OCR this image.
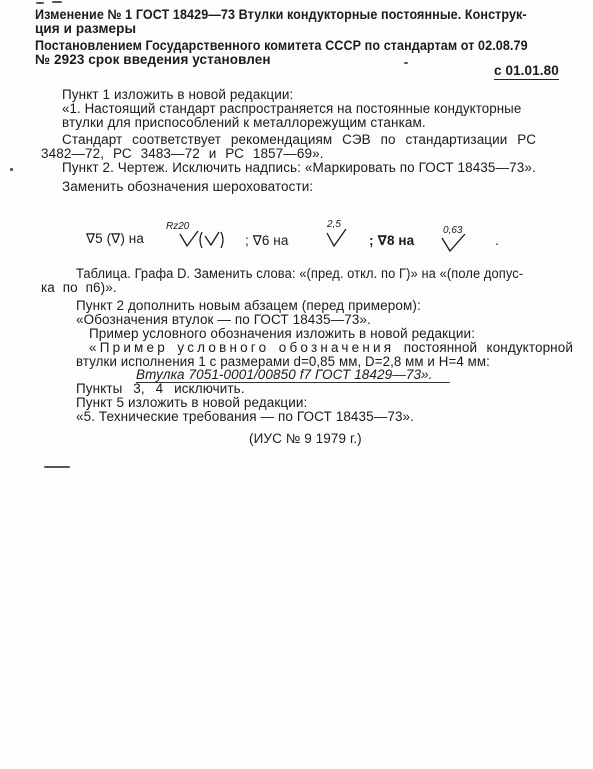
Изменение № 1 ГОСТ 18429—73 Втулки кондукторные постоянные. Конструк-
ция и размеры
Постановлением Государственного комитета СССР по стандартам от 02.08.79
№ 2923 срок введения установлен
с 01.01.80
Пункт 1 изложить в новой редакции:
«1. Настоящий стандарт распространяется на постоянные кондукторные
втулки для приспособлений к металлорежущим станкам.
Стандарт соответствует рекомендациям СЭВ по стандартизации РС
3482—72, РС 3483—72 и РС 1857—69».
Пункт 2. Чертеж. Исключить надпись: «Маркировать по ГОСТ 18435—73».
Заменить обозначения шероховатости:
∇5 (∇) на
Rz20
; ∇6 на
2,5
; ∇8 на
0,63
.
Таблица. Графа D. Заменить слова: «(пред. откл. по Г)» на «(поле допус-
ка по п6)».
Пункт 2 дополнить новым абзацем (перед примером):
«Обозначения втулок — по ГОСТ 18435—73».
Пример условного обозначения изложить в новой редакции:
«Пример условного обозначения постоянной кондукторной
втулки исполнения 1 с размерами d=0,85 мм, D=2,8 мм и H=4 мм:
Втулка 7051-0001/00850 f7 ГОСТ 18429—73».
Пункты 3, 4 исключить.
Пункт 5 изложить в новой редакции:
«5. Технические требования — по ГОСТ 18435—73».
(ИУС № 9 1979 г.)
